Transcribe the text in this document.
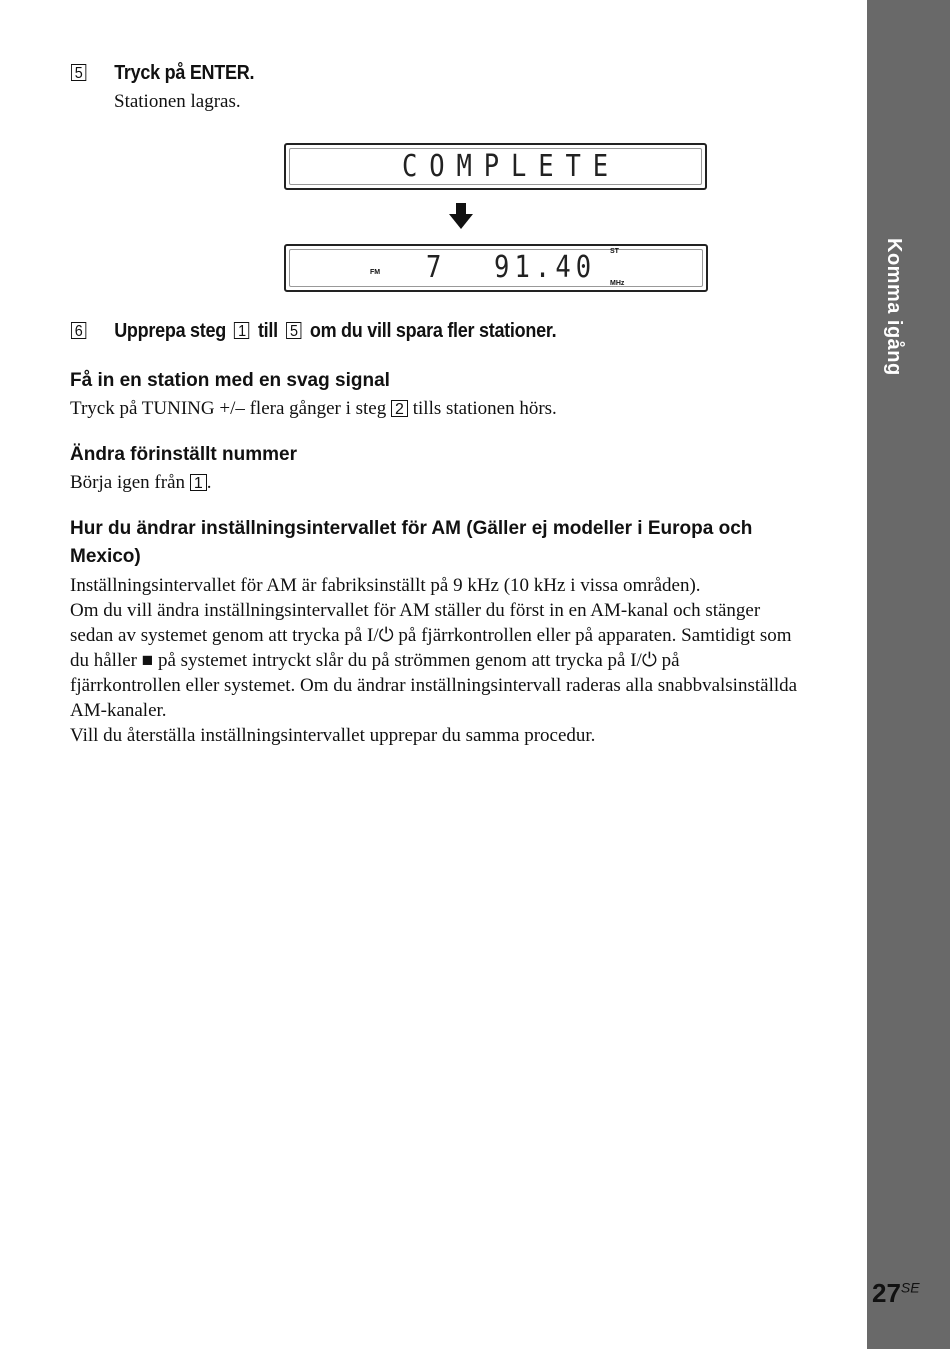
Komma igång
$27^{SE}$
5 Tryck på ENTER.
Stationen lagras.
COMPLETE
FM 7 91.40 ST
MHz
6 Upprepa steg 1 till 5 om du vill spara fler stationer.
Få in en station med en svag signal
Tryck på TUNING +/– flera gånger i steg 2 tills stationen hörs.
Ändra förinställt nummer
Börja igen från 1 .
Hur du ändrar inställningsintervallet för AM (Gäller ej modeller i Europa och
Mexico)
Inställningsintervallet för AM är fabriksinställt på 9 kHz (10 kHz i vissa områden).
Om du vill ändra inställningsintervallet för AM ställer du först in en AM-kanal och stänger
sedan av systemet genom att trycka på I/⏻ på fjärrkontrollen eller på apparaten. Samtidigt som
du håller ■ på systemet intryckt slår du på strömmen genom att trycka på I/⏻ på
fjärrkontrollen eller systemet. Om du ändrar inställningsintervall raderas alla snabbvalsinställda
AM-kanaler.
Vill du återställa inställningsintervallet upprepar du samma procedur.
